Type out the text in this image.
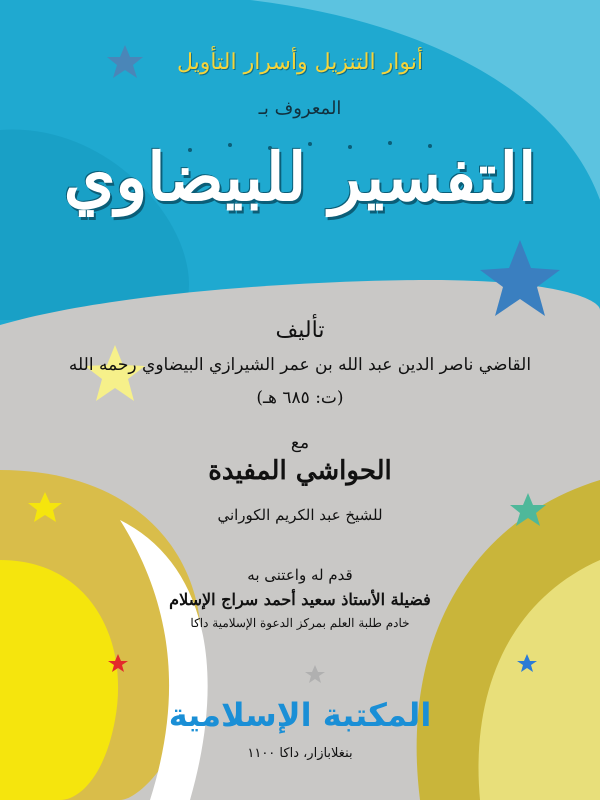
أنوار التنزيل وأسرار التأويل
المعروف بـ
التفسير للبيضاوي
تأليف
القاضي ناصر الدين عبد الله بن عمر الشيرازي البيضاوي رحمه الله
(ت: ٦٨٥ هـ)
مع
الحواشي المفيدة
للشيخ عبد الكريم الكوراني
قدم له واعتنى به
فضيلة الأستاذ سعيد أحمد سراج الإسلام
خادم طلبة العلم بمركز الدعوة الإسلامية داكا
المكتبة الإسلامية
بنغلابازار، داكا ١١٠٠
